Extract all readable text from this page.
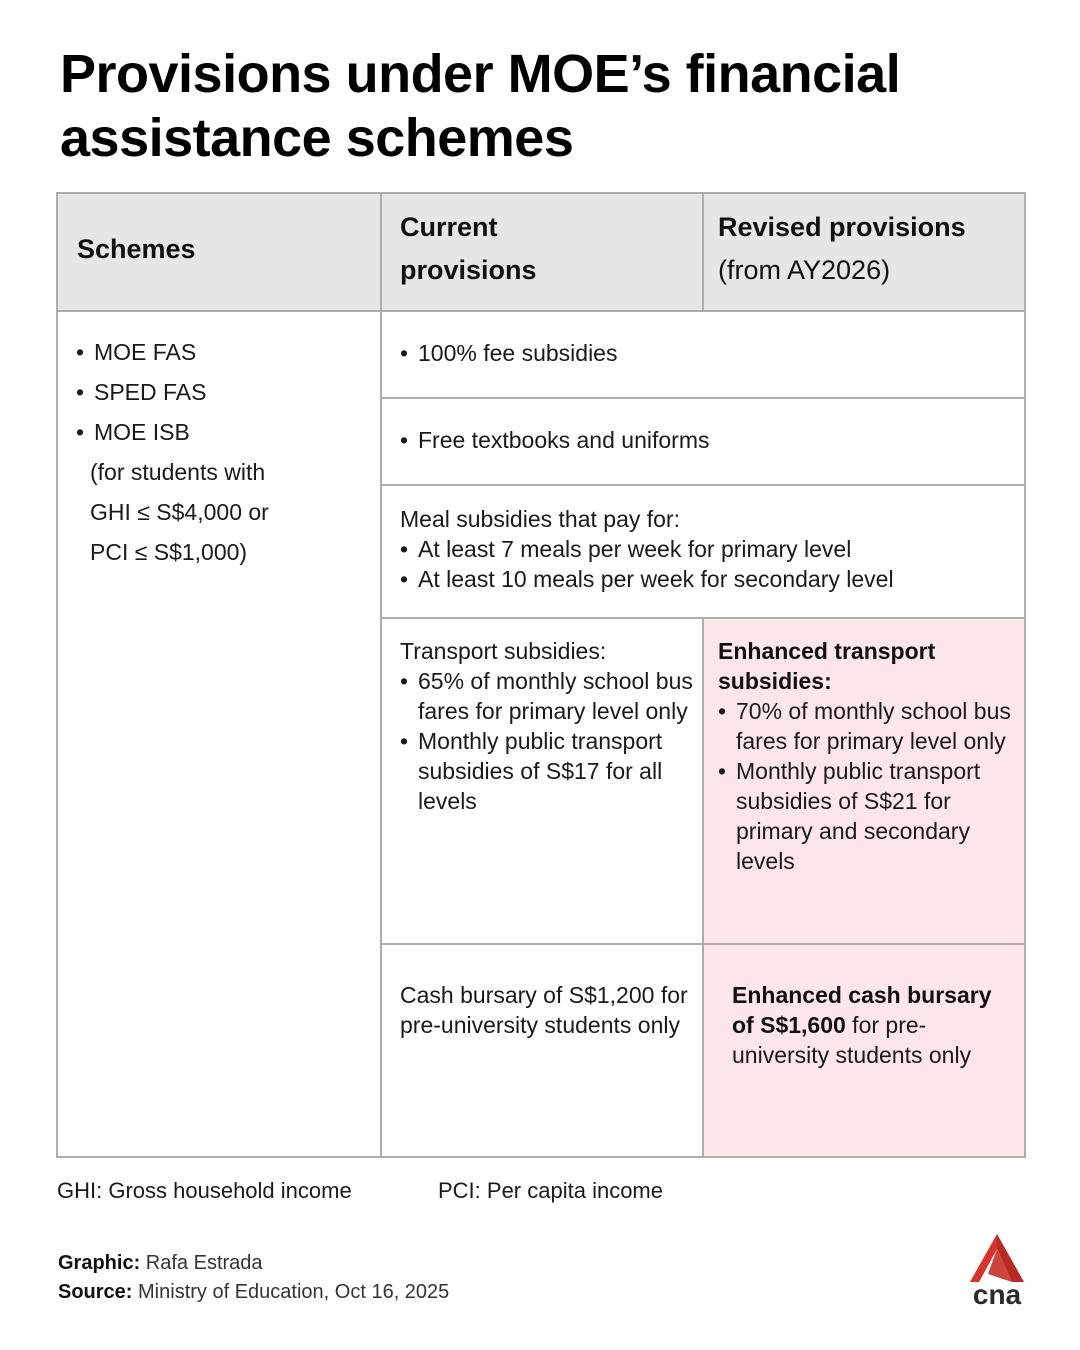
Provisions under MOE’s financial assistance schemes
Schemes
Current provisions
Revised provisions
(from AY2026)
• MOE FAS
• SPED FAS
• MOE ISB
(for students with
GHI ≤ S$4,000 or
PCI ≤ S$1,000)
• 100% fee subsidies
• Free textbooks and uniforms
Meal subsidies that pay for:
• At least 7 meals per week for primary level
• At least 10 meals per week for secondary level
Transport subsidies:
• 65% of monthly school bus fares for primary level only
• Monthly public transport subsidies of S$17 for all levels
Enhanced transport subsidies:
• 70% of monthly school bus fares for primary level only
• Monthly public transport subsidies of S$21 for primary and secondary levels
Cash bursary of S$1,200 for pre-university students only
Enhanced cash bursary of S$1,600 for pre-university students only
GHI: Gross household income	PCI: Per capita income
Graphic: Rafa Estrada
Source: Ministry of Education, Oct 16, 2025	cna
